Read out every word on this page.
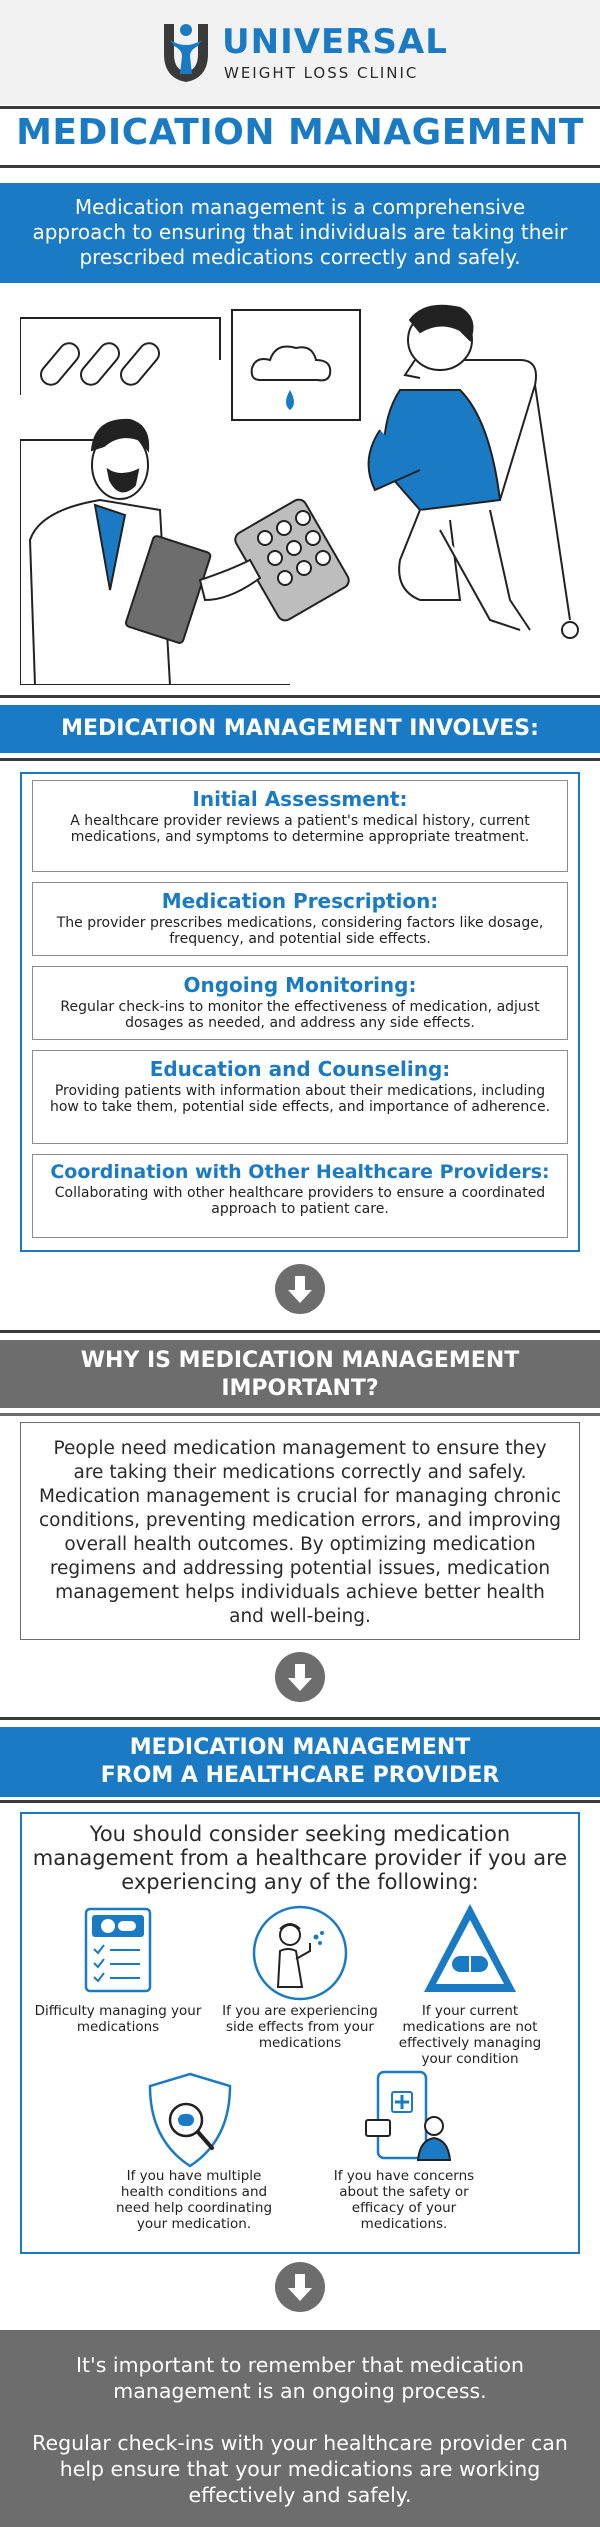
UNIVERSAL
WEIGHT LOSS CLINIC
MEDICATION MANAGEMENT
Medication management is a comprehensive approach to ensuring that individuals are taking their prescribed medications correctly and safely.
MEDICATION MANAGEMENT INVOLVES:
Initial Assessment:
A healthcare provider reviews a patient's medical history, current medications, and symptoms to determine appropriate treatment.
Medication Prescription:
The provider prescribes medications, considering factors like dosage, frequency, and potential side effects.
Ongoing Monitoring:
Regular check-ins to monitor the effectiveness of medication, adjust dosages as needed, and address any side effects.
Education and Counseling:
Providing patients with information about their medications, including how to take them, potential side effects, and importance of adherence.
Coordination with Other Healthcare Providers:
Collaborating with other healthcare providers to ensure a coordinated approach to patient care.
WHY IS MEDICATION MANAGEMENT
IMPORTANT?
People need medication management to ensure they are taking their medications correctly and safely. Medication management is crucial for managing chronic conditions, preventing medication errors, and improving overall health outcomes. By optimizing medication regimens and addressing potential issues, medication management helps individuals achieve better health and well-being.
MEDICATION MANAGEMENT
FROM A HEALTHCARE PROVIDER
You should consider seeking medication management from a healthcare provider if you are experiencing any of the following:
Difficulty managing your medications
If you are experiencing side effects from your medications
If your current medications are not effectively managing your condition
If you have multiple health conditions and need help coordinating your medication.
If you have concerns about the safety or efficacy of your medications.

It's important to remember that medication management is an ongoing process.

Regular check-ins with your healthcare provider can help ensure that your medications are working effectively and safely.
